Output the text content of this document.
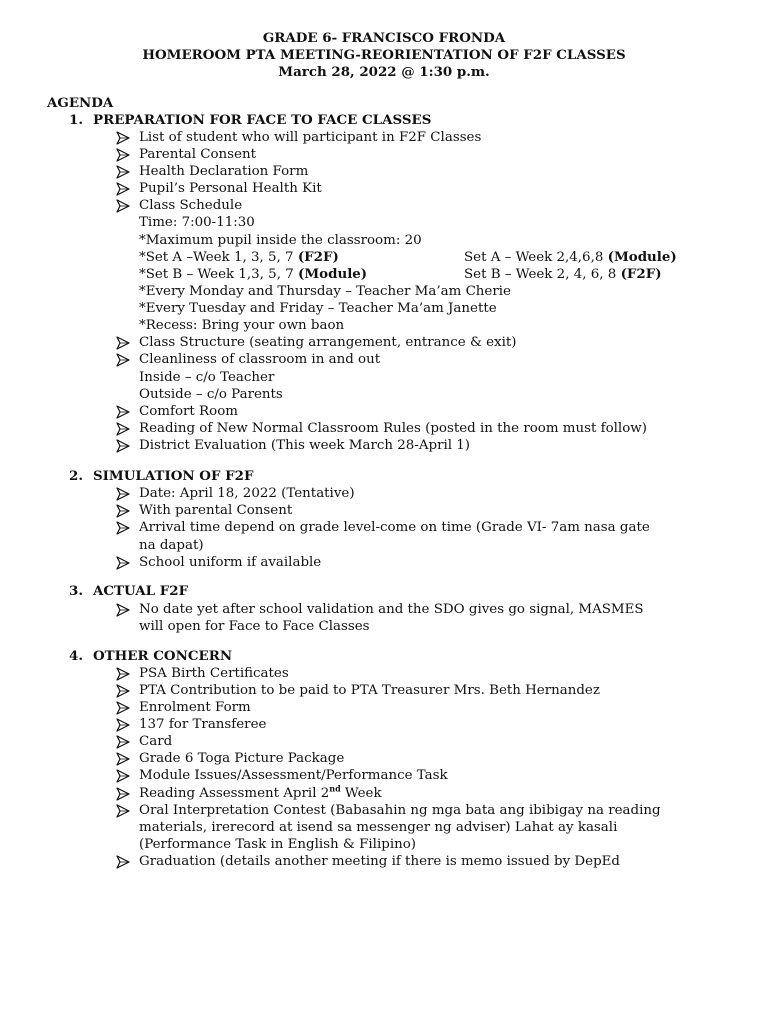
GRADE 6- FRANCISCO FRONDA
HOMEROOM PTA MEETING-REORIENTATION OF F2F CLASSES
March 28, 2022 @ 1:30 p.m.
AGENDA
1. PREPARATION FOR FACE TO FACE CLASSES
List of student who will participant in F2F Classes
Parental Consent
Health Declaration Form
Pupil’s Personal Health Kit
Class Schedule
Time: 7:00-11:30
*Maximum pupil inside the classroom: 20
*Set A –Week 1, 3, 5, 7 (F2F)	Set A – Week 2,4,6,8 (Module)
*Set B – Week 1,3, 5, 7 (Module)	Set B – Week 2, 4, 6, 8 (F2F)
*Every Monday and Thursday – Teacher Ma’am Cherie
*Every Tuesday and Friday – Teacher Ma’am Janette
*Recess: Bring your own baon
Class Structure (seating arrangement, entrance & exit)
Cleanliness of classroom in and out
Inside – c/o Teacher
Outside – c/o Parents
Comfort Room
Reading of New Normal Classroom Rules (posted in the room must follow)
District Evaluation (This week March 28-April 1)
2. SIMULATION OF F2F
Date: April 18, 2022 (Tentative)
With parental Consent
Arrival time depend on grade level-come on time (Grade VI- 7am nasa gate
na dapat)
School uniform if available
3. ACTUAL F2F
No date yet after school validation and the SDO gives go signal, MASMES
will open for Face to Face Classes
4. OTHER CONCERN
PSA Birth Certificates
PTA Contribution to be paid to PTA Treasurer Mrs. Beth Hernandez
Enrolment Form
137 for Transferee
Card
Grade 6 Toga Picture Package
Module Issues/Assessment/Performance Task
Reading Assessment April 2nd Week
Oral Interpretation Contest (Babasahin ng mga bata ang ibibigay na reading
materials, irerecord at isend sa messenger ng adviser) Lahat ay kasali
(Performance Task in English & Filipino)
Graduation (details another meeting if there is memo issued by DepEd
